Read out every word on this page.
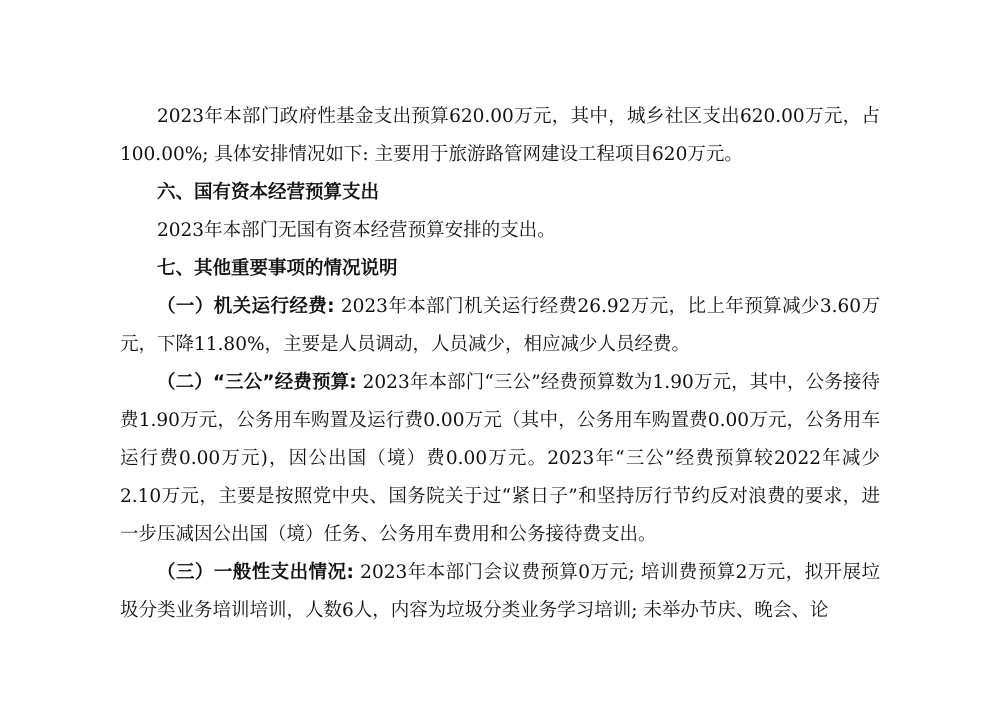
2023年本部门政府性基金支出预算620.00万元，其中，城乡社区支出620.00万元，占100.00%; 具体安排情况如下: 主要用于旅游路管网建设工程项目620万元。

六、国有资本经营预算支出

2023年本部门无国有资本经营预算安排的支出。

七、其他重要事项的情况说明

（一）机关运行经费: 2023年本部门机关运行经费26.92万元，比上年预算减少3.60万元，下降11.80%，主要是人员调动，人员减少，相应减少人员经费。

（二）“三公”经费预算: 2023年本部门“三公”经费预算数为1.90万元，其中，公务接待费1.90万元，公务用车购置及运行费0.00万元（其中，公务用车购置费0.00万元，公务用车运行费0.00万元)，因公出国（境）费0.00万元。2023年“三公”经费预算较2022年减少2.10万元，主要是按照党中央、国务院关于过“紧日子”和坚持厉行节约反对浪费的要求，进一步压减因公出国（境）任务、公务用车费用和公务接待费支出。

（三）一般性支出情况: 2023年本部门会议费预算0万元; 培训费预算2万元，拟开展垃圾分类业务培训培训，人数6人，内容为垃圾分类业务学习培训; 未举办节庆、晚会、论
